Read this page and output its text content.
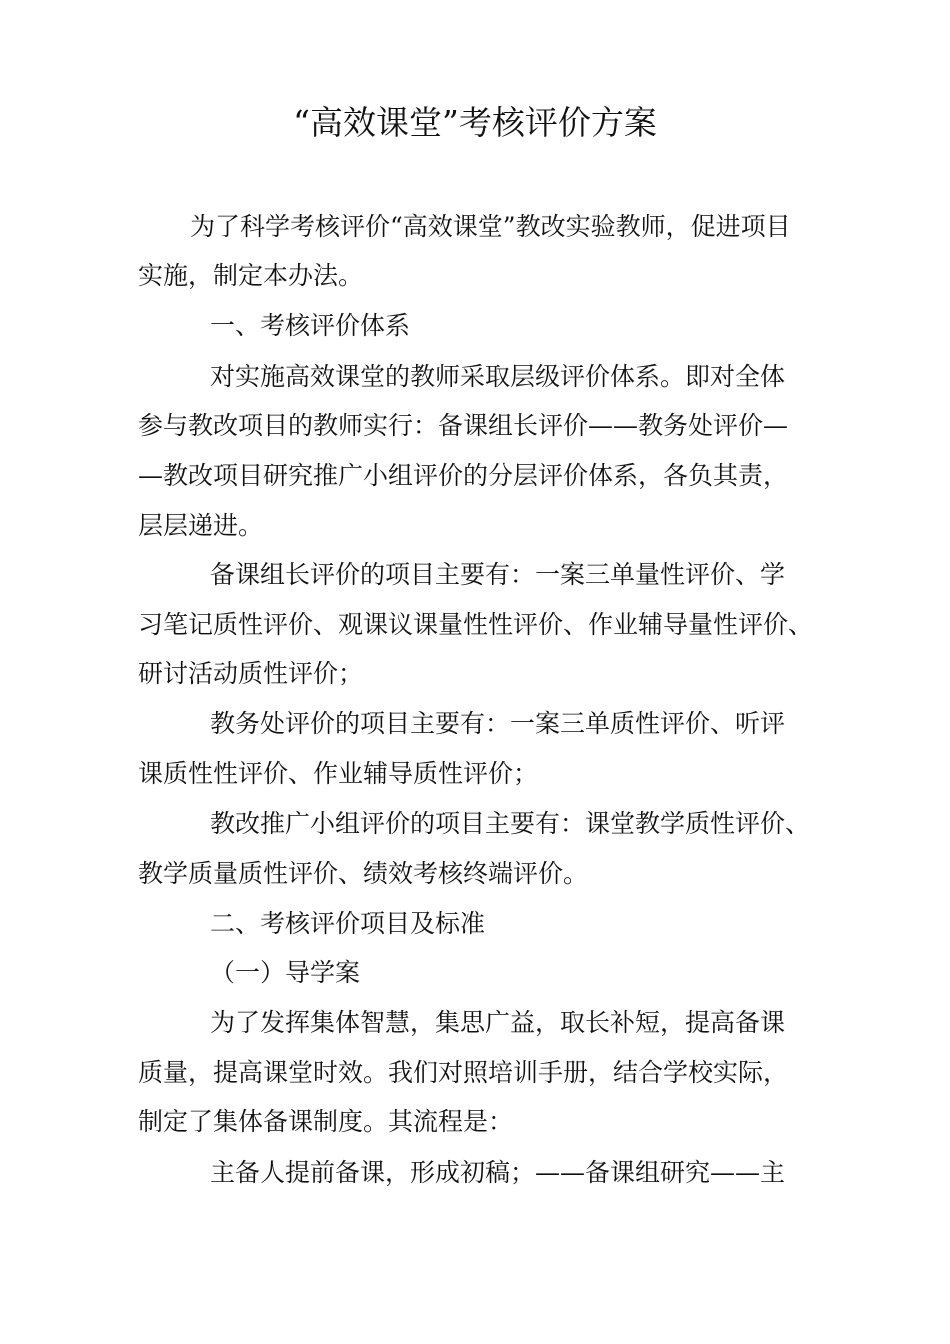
“高效课堂”考核评价方案
为了科学考核评价“高效课堂”教改实验教师，促进项目
实施，制定本办法。
一、考核评价体系
对实施高效课堂的教师采取层级评价体系。即对全体
参与教改项目的教师实行：备课组长评价——教务处评价—
—教改项目研究推广小组评价的分层评价体系，各负其责，
层层递进。
备课组长评价的项目主要有：一案三单量性评价、学
习笔记质性评价、观课议课量性性评价、作业辅导量性评价、
研讨活动质性评价；
教务处评价的项目主要有：一案三单质性评价、听评
课质性性评价、作业辅导质性评价；
教改推广小组评价的项目主要有：课堂教学质性评价、
教学质量质性评价、绩效考核终端评价。
二、考核评价项目及标准
（一）导学案
为了发挥集体智慧，集思广益，取长补短，提高备课
质量，提高课堂时效。我们对照培训手册，结合学校实际，
制定了集体备课制度。其流程是：
主备人提前备课，形成初稿；——备课组研究——主
